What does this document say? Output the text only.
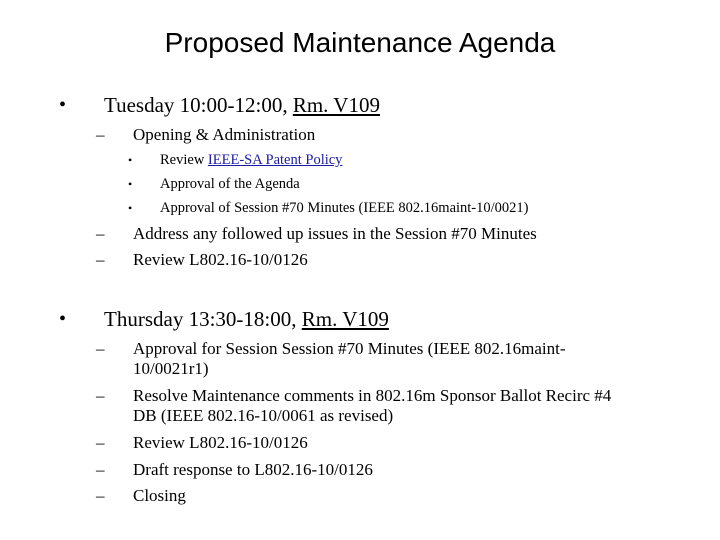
Proposed Maintenance Agenda
• Tuesday 10:00-12:00, Rm. V109
– Opening & Administration
• Review IEEE-SA Patent Policy
• Approval of the Agenda
• Approval of Session #70 Minutes (IEEE 802.16maint-10/0021)
– Address any followed up issues in the Session #70 Minutes
– Review L802.16-10/0126
• Thursday 13:30-18:00, Rm. V109
– Approval for Session Session #70 Minutes (IEEE 802.16maint-
10/0021r1)
– Resolve Maintenance comments in 802.16m Sponsor Ballot Recirc #4
DB (IEEE 802.16-10/0061 as revised)
– Review L802.16-10/0126
– Draft response to L802.16-10/0126
– Closing
